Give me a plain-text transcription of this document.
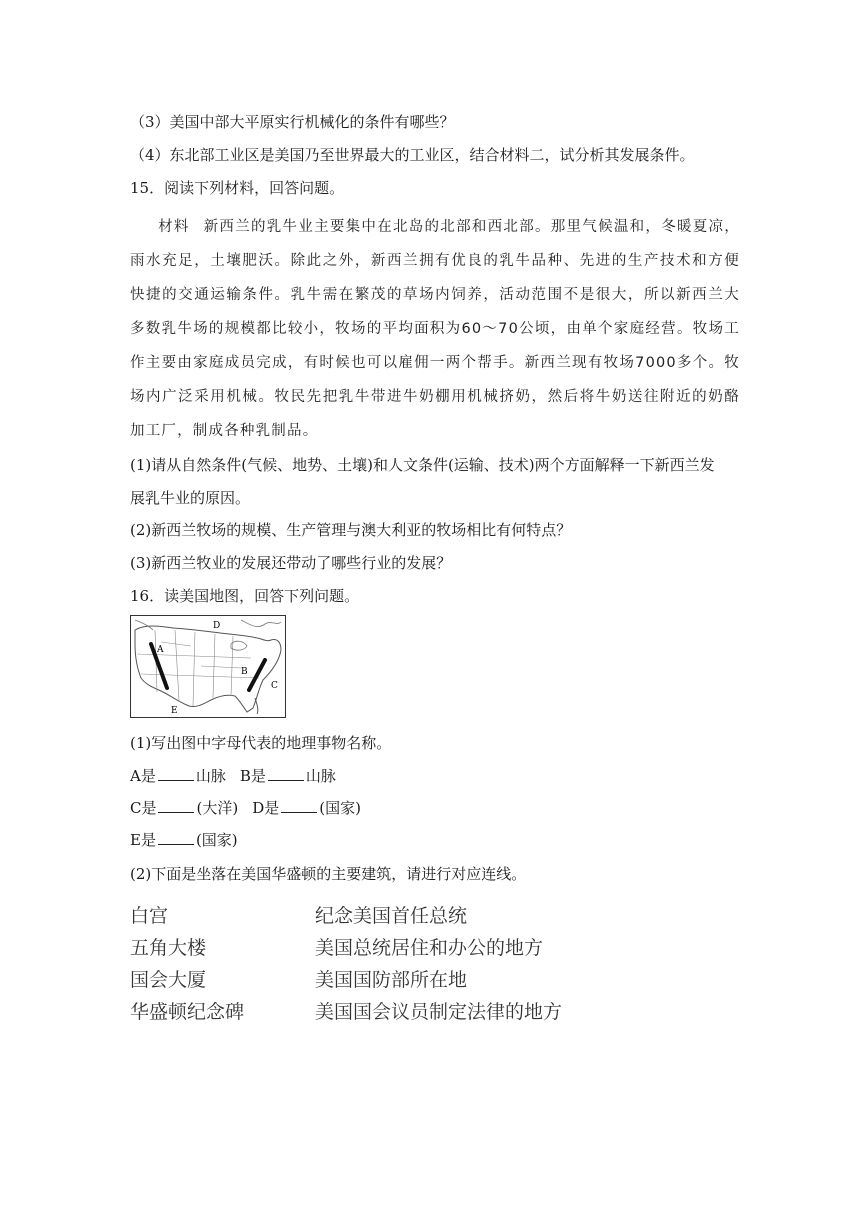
（3）美国中部大平原实行机械化的条件有哪些？

（4）东北部工业区是美国乃至世界最大的工业区，结合材料二，试分析其发展条件。

15．阅读下列材料，回答问题。

材料 新西兰的乳牛业主要集中在北岛的北部和西北部。那里气候温和，冬暖夏凉，雨水充足，土壤肥沃。除此之外，新西兰拥有优良的乳牛品种、先进的生产技术和方便快捷的交通运输条件。乳牛需在繁茂的草场内饲养，活动范围不是很大，所以新西兰大多数乳牛场的规模都比较小，牧场的平均面积为60～70公顷，由单个家庭经营。牧场工作主要由家庭成员完成，有时候也可以雇佣一两个帮手。新西兰现有牧场7000多个。牧场内广泛采用机械。牧民先把乳牛带进牛奶棚用机械挤奶，然后将牛奶送往附近的奶酪加工厂，制成各种乳制品。

(1)请从自然条件(气候、地势、土壤)和人文条件(运输、技术)两个方面解释一下新西兰发

展乳牛业的原因。

(2)新西兰牧场的规模、生产管理与澳大利亚的牧场相比有何特点？

(3)新西兰牧业的发展还带动了哪些行业的发展？

16．读美国地图，回答下列问题。

A
B
C
D
E

(1)写出图中字母代表的地理事物名称。

A是	山脉 B是	山脉
C是	(大洋) D是	(国家)
E是	(国家)

(2)下面是坐落在美国华盛顿的主要建筑，请进行对应连线。

白宫	纪念美国首任总统
五角大楼	美国总统居住和办公的地方
国会大厦	美国国防部所在地
华盛顿纪念碑	美国国会议员制定法律的地方
